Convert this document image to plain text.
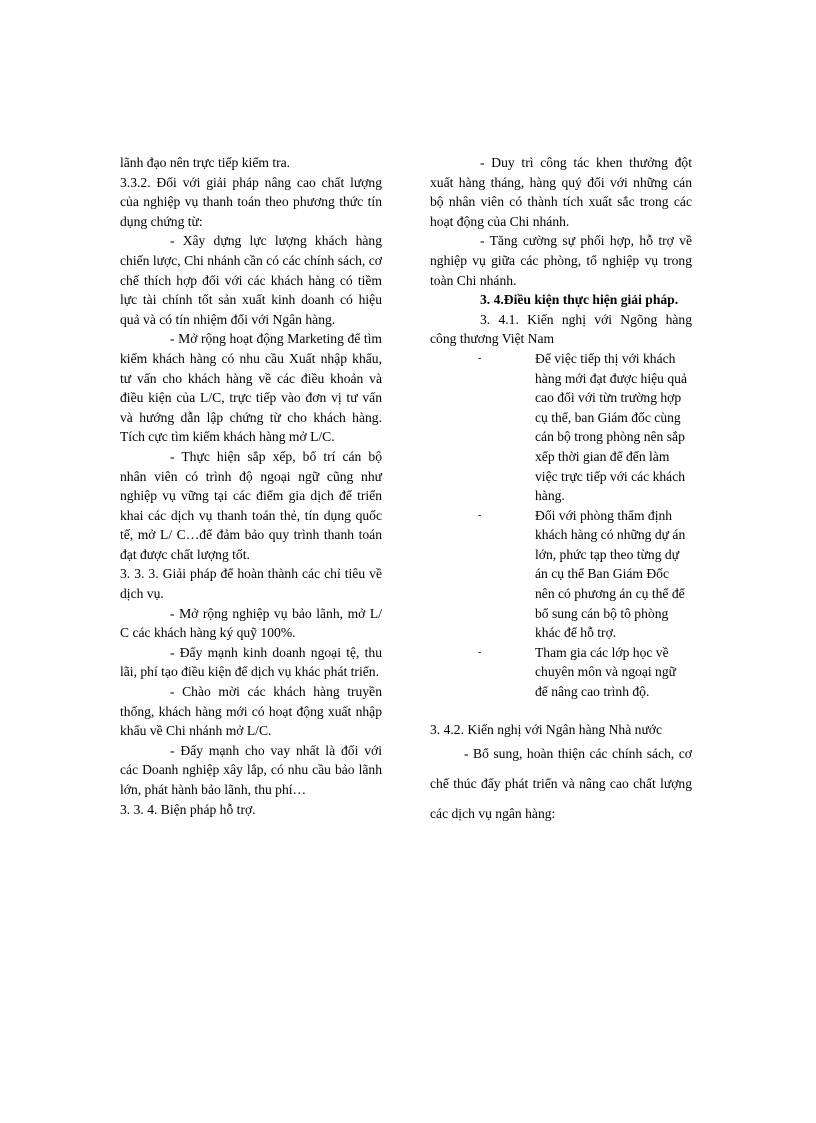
lãnh đạo nên trực tiếp kiểm tra.

3.3.2. Đối với giải pháp nâng cao chất lượng của nghiệp vụ thanh toán theo phương thức tín dụng chứng từ:

- Xây dựng lực lượng khách hàng chiến lược, Chi nhánh cần có các chính sách, cơ chế thích hợp đối với các khách hàng có tiềm lực tài chính tốt sản xuất kinh doanh có hiệu quả và có tín nhiệm đối với Ngân hàng.

- Mở rộng hoạt động Marketing để tìm kiếm khách hàng có nhu cầu Xuất nhập khẩu, tư vấn cho khách hàng về các điều khoản và điều kiện của L/C, trực tiếp vào đơn vị tư vấn và hướng dẫn lập chứng từ cho khách hàng. Tích cực tìm kiếm khách hàng mở L/C.

- Thực hiện sắp xếp, bố trí cán bộ nhân viên có trình độ ngoại ngữ cũng như nghiệp vụ vững tại các điểm gia dịch để triển khai các dịch vụ thanh toán thẻ, tín dụng quốc tế, mở L/ C…để đảm bảo quy trình thanh toán đạt được chất lượng tốt.

3. 3. 3. Giải pháp để hoàn thành các chỉ tiêu về dịch vụ.

- Mở rộng nghiệp vụ bảo lãnh, mở L/ C các khách hàng ký quỹ 100%.

- Đẩy mạnh kinh doanh ngoại tệ, thu lãi, phí tạo điều kiện để dịch vụ khác phát triển.

- Chào mời các khách hàng truyền thống, khách hàng mới có hoạt động xuất nhập khẩu về Chi nhánh mở L/C.

- Đẩy mạnh cho vay nhất là đối với các Doanh nghiệp xây lắp, có nhu cầu bảo lãnh lớn, phát hành bảo lãnh, thu phí…

3. 3. 4. Biện pháp hỗ trợ.

- Duy trì công tác khen thưởng đột xuất hàng tháng, hàng quý đối với những cán bộ nhân viên có thành tích xuất sắc trong các hoạt động của Chi nhánh.

- Tăng cường sự phối hợp, hỗ trợ về nghiệp vụ giữa các phòng, tổ nghiệp vụ trong toàn Chi nhánh.

3. 4.Điều kiện thực hiện giải pháp.

3. 4.1. Kiến nghị với Ngõng hàng công thương Việt Nam

-	Để việc tiếp thị với khách hàng mới đạt được hiệu quả cao đối với từn trường hợp cụ thể, ban Giám đốc cùng cán bộ trong phòng nên sắp xếp thời gian để đến làm việc trực tiếp với các khách hàng.
-	Đối với phòng thẩm định khách hàng có những dự án lớn, phức tạp theo từng dự án cụ thể Ban Giám Đốc nên có phương án cụ thể để bổ sung cán bộ tô phòng khác để hỗ trợ.
-	Tham gia các lớp học về chuyên môn và ngoại ngữ để nâng cao trình độ.

3. 4.2. Kiến nghị với Ngân hàng Nhà nước

- Bổ sung, hoàn thiện các chính sách, cơ chế thúc đẩy phát triển và nâng cao chất lượng các dịch vụ ngân hàng:
